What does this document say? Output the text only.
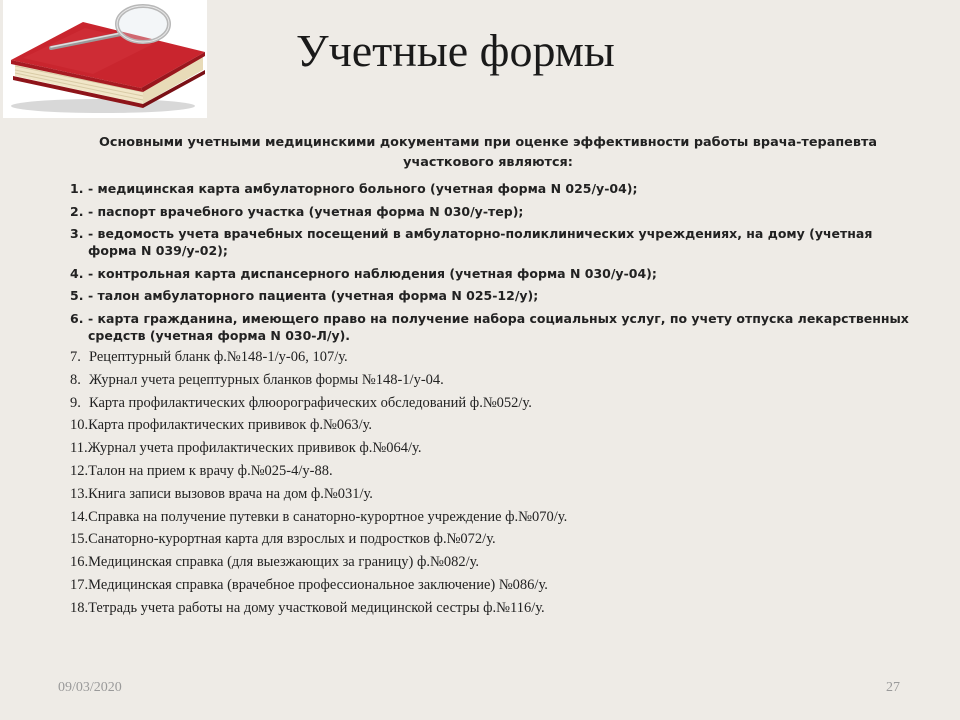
Учетные формы
Основными учетными медицинскими документами при оценке эффективности работы врача-терапевта участкового являются:
1. - медицинская карта амбулаторного больного (учетная форма N 025/у-04);
2. - паспорт врачебного участка (учетная форма N 030/у-тер);
3. - ведомость учета врачебных посещений в амбулаторно-поликлинических учреждениях, на дому (учетная форма N 039/у-02);
4. - контрольная карта диспансерного наблюдения (учетная форма N 030/у-04);
5. - талон амбулаторного пациента (учетная форма N 025-12/у);
6. - карта гражданина, имеющего право на получение набора социальных услуг, по учету отпуска лекарственных средств (учетная форма N 030-Л/у).
7. Рецептурный бланк ф.№148-1/у-06, 107/у.
8. Журнал учета рецептурных бланков формы №148-1/у-04.
9. Карта профилактических флюорографических обследований ф.№052/у.
10. Карта профилактических прививок ф.№063/у.
11. Журнал учета профилактических прививок ф.№064/у.
12. Талон на прием к врачу ф.№025-4/у-88.
13. Книга записи вызовов врача на дом ф.№031/у.
14. Справка на получение путевки в санаторно-курортное учреждение ф.№070/у.
15. Санаторно-курортная карта для взрослых и подростков ф.№072/у.
16. Медицинская справка (для выезжающих за границу) ф.№082/у.
17. Медицинская справка (врачебное профессиональное заключение) №086/у.
18. Тетрадь учета работы на дому участковой медицинской сестры ф.№116/у.
09/03/2020	27
